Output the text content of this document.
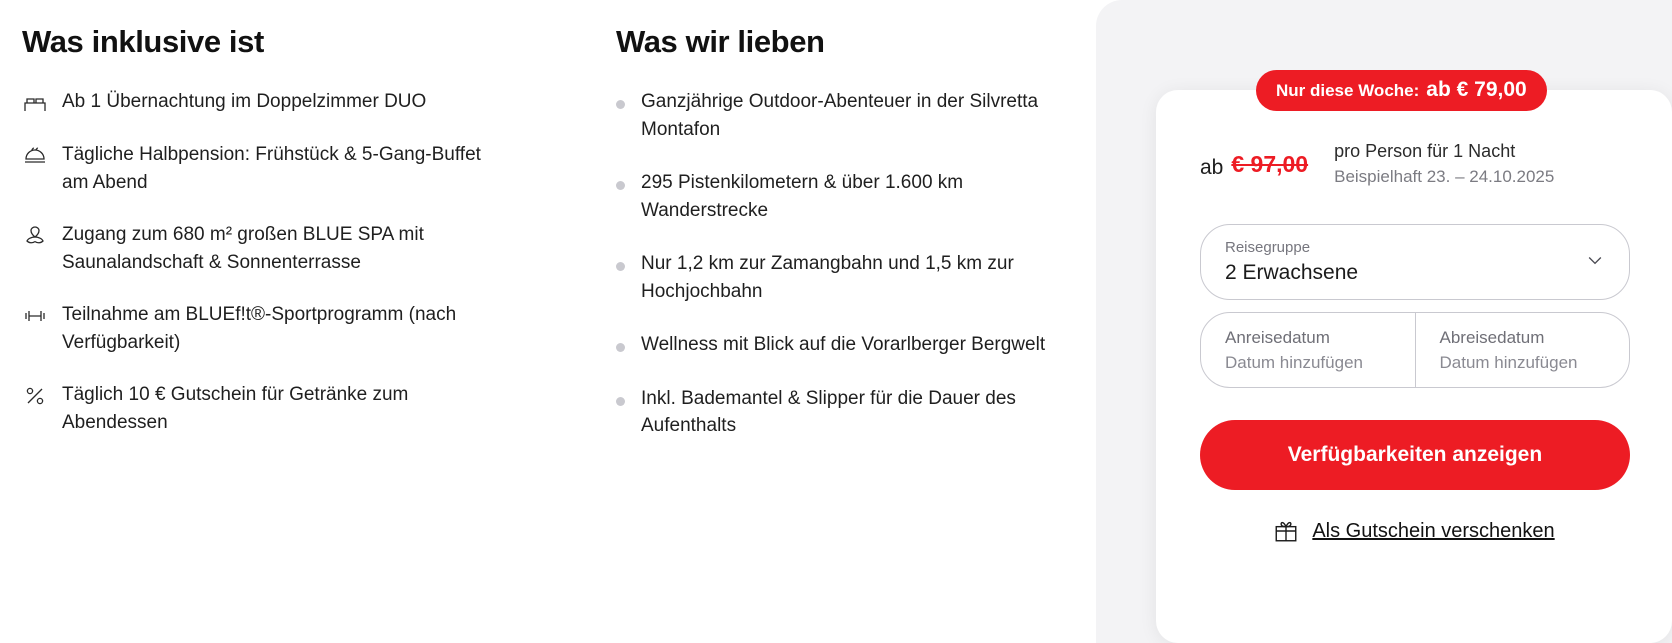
Was inklusive ist
Ab 1 Übernachtung im Doppelzimmer DUO
Tägliche Halbpension: Frühstück & 5-Gang-Buffet am Abend
Zugang zum 680 m² großen BLUE SPA mit Saunalandschaft & Sonnenterrasse
Teilnahme am BLUEf!t®-Sportprogramm (nach Verfügbarkeit)
Täglich 10 € Gutschein für Getränke zum Abendessen
Was wir lieben
Ganzjährige Outdoor-Abenteuer in der Silvretta Montafon
295 Pistenkilometern & über 1.600 km Wanderstrecke
Nur 1,2 km zur Zamangbahn und 1,5 km zur Hochjochbahn
Wellness mit Blick auf die Vorarlberger Bergwelt
Inkl. Bademantel & Slipper für die Dauer des Aufenthalts
Nur diese Woche: ab € 79,00
ab € 97,00 pro Person für 1 Nacht
Beispielhaft 23. – 24.10.2025
Reisegruppe
2 Erwachsene
Anreisedatum
Datum hinzufügen
Abreisedatum
Datum hinzufügen
Verfügbarkeiten anzeigen
Als Gutschein verschenken
